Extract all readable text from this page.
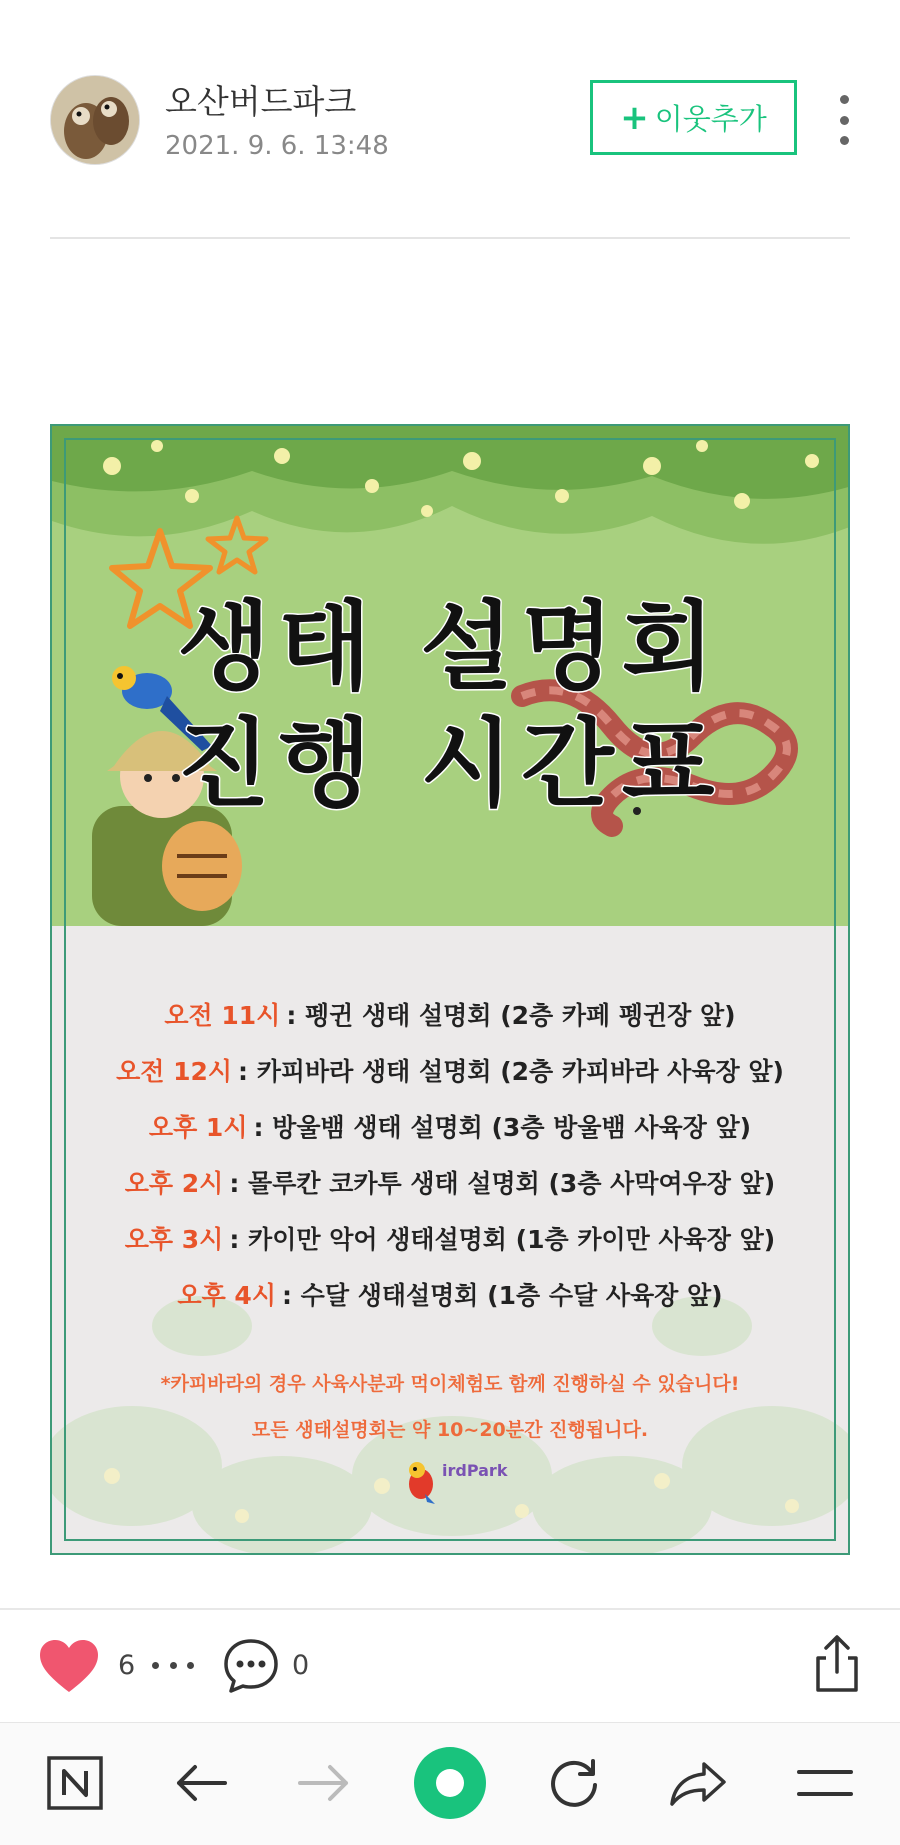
오산버드파크
2021. 9. 6. 13:48
+ 이웃추가
생태 설명회
진행 시간표
오전 11시 : 펭귄 생태 설명회 (2층 카페 펭귄장 앞)
오전 12시 : 카피바라 생태 설명회 (2층 카피바라 사육장 앞)
오후 1시 : 방울뱀 생태 설명회 (3층 방울뱀 사육장 앞)
오후 2시 : 몰루칸 코카투 생태 설명회 (3층 사막여우장 앞)
오후 3시 : 카이만 악어 생태설명회 (1층 카이만 사육장 앞)
오후 4시 : 수달 생태설명회 (1층 수달 사육장 앞)
*카피바라의 경우 사육사분과 먹이체험도 함께 진행하실 수 있습니다!
모든 생태설명회는 약 10~20분간 진행됩니다.
irdPark
6	0
